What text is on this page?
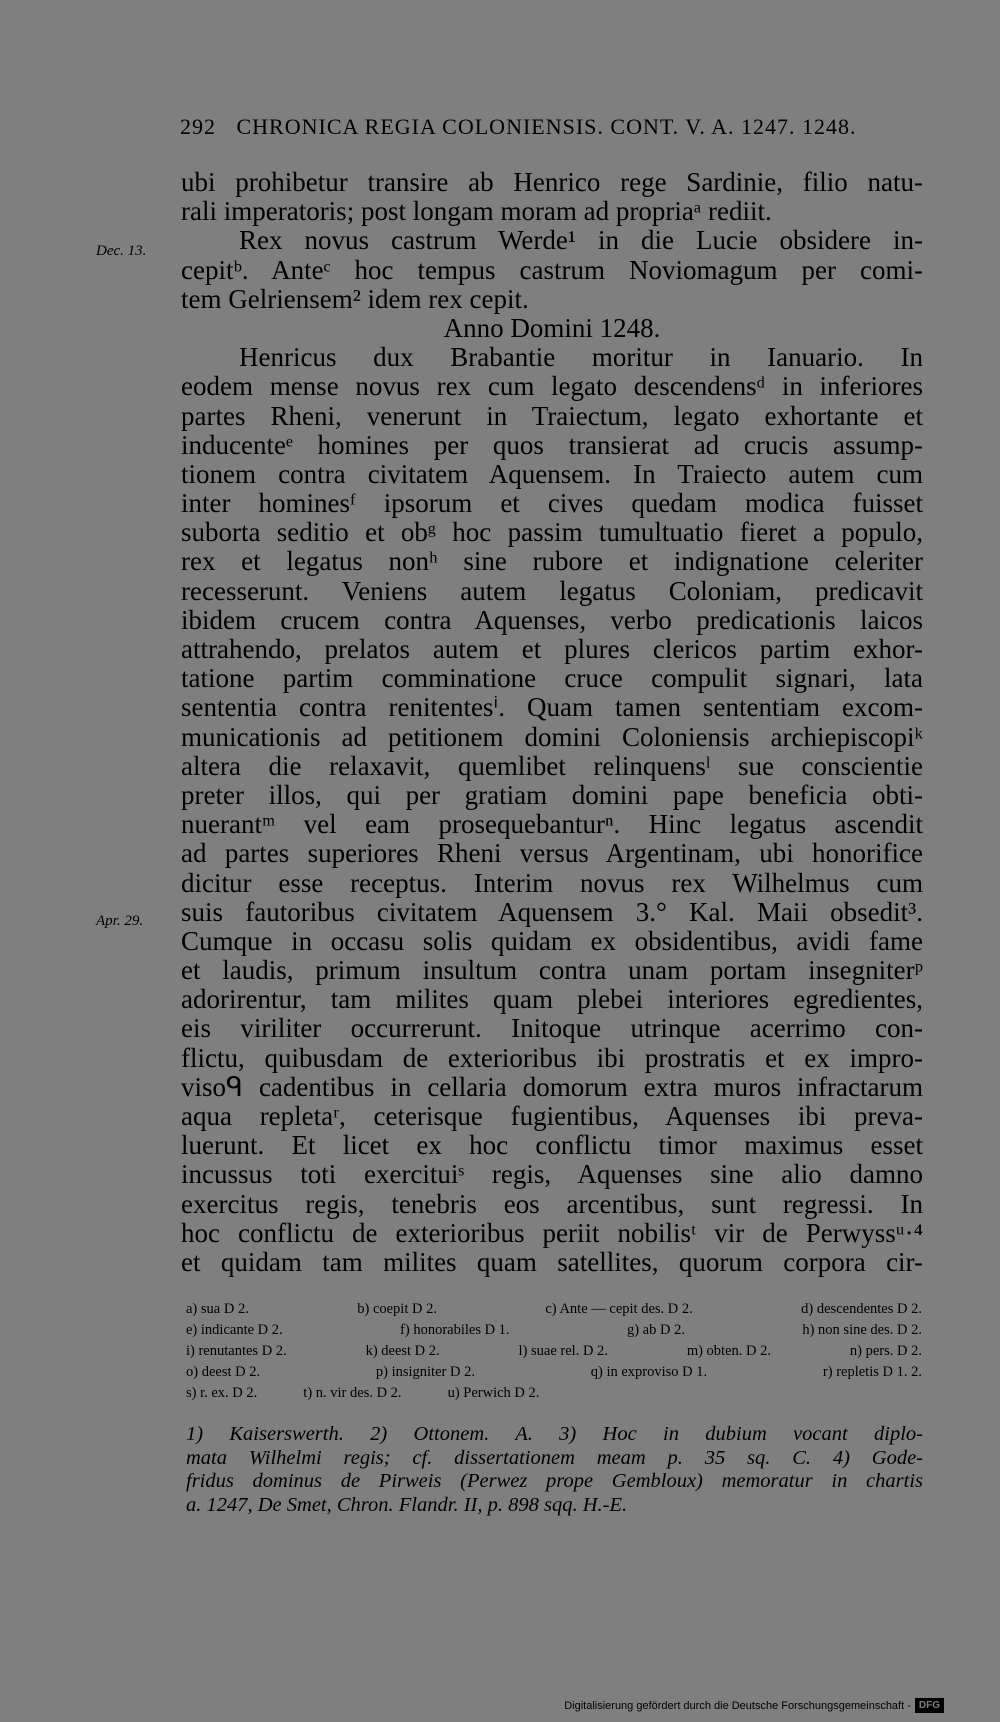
292 CHRONICA REGIA COLONIENSIS. CONT. V. A. 1247. 1248.
Dec. 13.
Apr. 29.
ubi prohibetur transire ab Henrico rege Sardinie, filio natu-
rali imperatoris; post longam moram ad propriaᵃ rediit.
Rex novus castrum Werde¹ in die Lucie obsidere in-
cepitᵇ. Anteᶜ hoc tempus castrum Noviomagum per comi-
tem Gelriensem² idem rex cepit.
Anno Domini 1248.
Henricus dux Brabantie moritur in Ianuario. In
eodem mense novus rex cum legato descendensᵈ in inferiores
partes Rheni, venerunt in Traiectum, legato exhortante et
inducenteᵉ homines per quos transierat ad crucis assump-
tionem contra civitatem Aquensem. In Traiecto autem cum
inter hominesᶠ ipsorum et cives quedam modica fuisset
suborta seditio et obᵍ hoc passim tumultuatio fieret a populo,
rex et legatus nonʰ sine rubore et indignatione celeriter
recesserunt. Veniens autem legatus Coloniam, predicavit
ibidem crucem contra Aquenses, verbo predicationis laicos
attrahendo, prelatos autem et plures clericos partim exhor-
tatione partim comminatione cruce compulit signari, lata
sententia contra renitentesⁱ. Quam tamen sententiam excom-
municationis ad petitionem domini Coloniensis archiepiscopiᵏ
altera die relaxavit, quemlibet relinquensˡ sue conscientie
preter illos, qui per gratiam domini pape beneficia obti-
nuerantᵐ vel eam prosequebanturⁿ. Hinc legatus ascendit
ad partes superiores Rheni versus Argentinam, ubi honorifice
dicitur esse receptus. Interim novus rex Wilhelmus cum
suis fautoribus civitatem Aquensem 3.° Kal. Maii obsedit³.
Cumque in occasu solis quidam ex obsidentibus, avidi fame
et laudis, primum insultum contra unam portam insegniterᵖ
adorirentur, tam milites quam plebei interiores egredientes,
eis viriliter occurrerunt. Initoque utrinque acerrimo con-
flictu, quibusdam de exterioribus ibi prostratis et ex impro-
visoᑫ cadentibus in cellaria domorum extra muros infractarum
aqua repletaʳ, ceterisque fugientibus, Aquenses ibi preva-
luerunt. Et licet ex hoc conflictu timor maximus esset
incussus toti exercituiˢ regis, Aquenses sine alio damno
exercitus regis, tenebris eos arcentibus, sunt regressi. In
hoc conflictu de exterioribus periit nobilisᵗ vir de Perwyssᵘ·⁴
et quidam tam milites quam satellites, quorum corpora cir-
a) sua D 2.	b) coepit D 2.	c) Ante — cepit des. D 2.	d) descendentes D 2.
e) indicante D 2.	f) honorabiles D 1.	g) ab D 2.	h) non sine des. D 2.
i) renutantes D 2.	k) deest D 2.	l) suae rel. D 2.	m) obten. D 2.	n) pers. D 2.
o) deest D 2.	p) insigniter D 2.	q) in exproviso D 1.	r) repletis D 1. 2.
s) r. ex. D 2.	t) n. vir des. D 2.	u) Perwich D 2.
1) Kaiserswerth. 2) Ottonem. A. 3) Hoc in dubium vocant diplo-
mata Wilhelmi regis; cf. dissertationem meam p. 35 sq. C. 4) Gode-
fridus dominus de Pirweis (Perwez prope Gembloux) memoratur in chartis
a. 1247, De Smet, Chron. Flandr. II, p. 898 sqq. H.-E.
Digitalisierung gefördert durch die Deutsche Forschungsgemeinschaft - DFG
